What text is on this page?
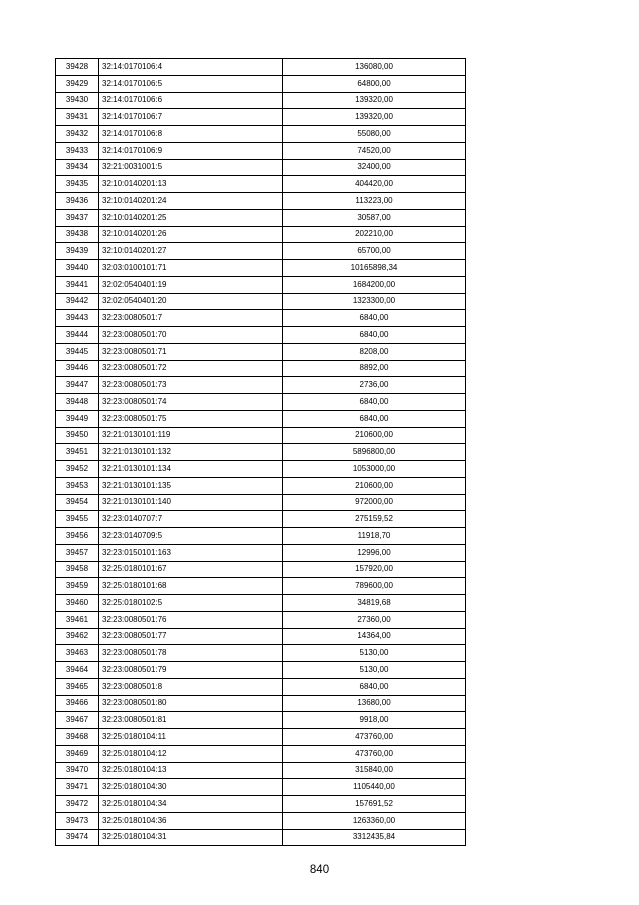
39428	32:14:0170106:4	136080,00
39429	32:14:0170106:5	64800,00
39430	32:14:0170106:6	139320,00
39431	32:14:0170106:7	139320,00
39432	32:14:0170106:8	55080,00
39433	32:14:0170106:9	74520,00
39434	32:21:0031001:5	32400,00
39435	32:10:0140201:13	404420,00
39436	32:10:0140201:24	113223,00
39437	32:10:0140201:25	30587,00
39438	32:10:0140201:26	202210,00
39439	32:10:0140201:27	65700,00
39440	32:03:0100101:71	10165898,34
39441	32:02:0540401:19	1684200,00
39442	32:02:0540401:20	1323300,00
39443	32:23:0080501:7	6840,00
39444	32:23:0080501:70	6840,00
39445	32:23:0080501:71	8208,00
39446	32:23:0080501:72	8892,00
39447	32:23:0080501:73	2736,00
39448	32:23:0080501:74	6840,00
39449	32:23:0080501:75	6840,00
39450	32:21:0130101:119	210600,00
39451	32:21:0130101:132	5896800,00
39452	32:21:0130101:134	1053000,00
39453	32:21:0130101:135	210600,00
39454	32:21:0130101:140	972000,00
39455	32:23:0140707:7	275159,52
39456	32:23:0140709:5	11918,70
39457	32:23:0150101:163	12996,00
39458	32:25:0180101:67	157920,00
39459	32:25:0180101:68	789600,00
39460	32:25:0180102:5	34819,68
39461	32:23:0080501:76	27360,00
39462	32:23:0080501:77	14364,00
39463	32:23:0080501:78	5130,00
39464	32:23:0080501:79	5130,00
39465	32:23:0080501:8	6840,00
39466	32:23:0080501:80	13680,00
39467	32:23:0080501:81	9918,00
39468	32:25:0180104:11	473760,00
39469	32:25:0180104:12	473760,00
39470	32:25:0180104:13	315840,00
39471	32:25:0180104:30	1105440,00
39472	32:25:0180104:34	157691,52
39473	32:25:0180104:36	1263360,00
39474	32:25:0180104:31	3312435,84
840
